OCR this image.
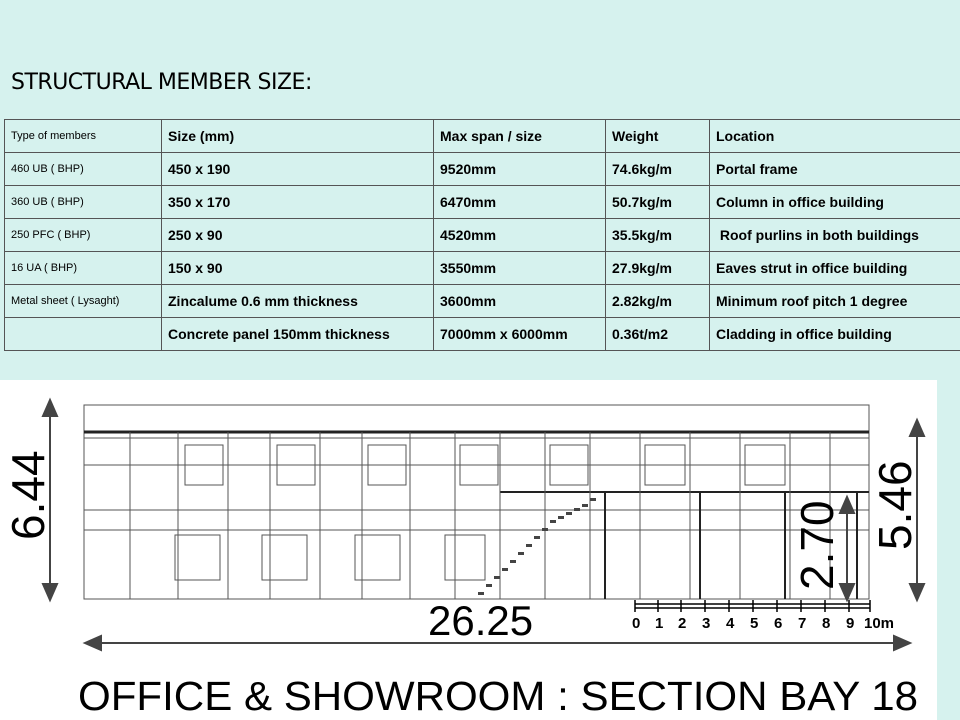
STRUCTURAL MEMBER SIZE:
Type of members	Size (mm)	Max span / size	Weight	Location
460 UB ( BHP)	450 x 190	9520mm	74.6kg/m	Portal frame
360 UB ( BHP)	350 x 170	6470mm	50.7kg/m	Column in office building
250 PFC ( BHP)	250 x 90	4520mm	35.5kg/m	Roof purlins in both buildings
16 UA ( BHP)	150 x 90	3550mm	27.9kg/m	Eaves strut in office building
Metal sheet ( Lysaght)	Zincalume 0.6 mm thickness	3600mm	2.82kg/m	Minimum roof pitch 1 degree
	Concrete panel 150mm thickness	7000mm x 6000mm	0.36t/m2	Cladding in office building
0 1 2 3 4 5 6 7 8 9 10m
6.44	5.46
2.70
26.25
OFFICE & SHOWROOM : SECTION BAY 18
